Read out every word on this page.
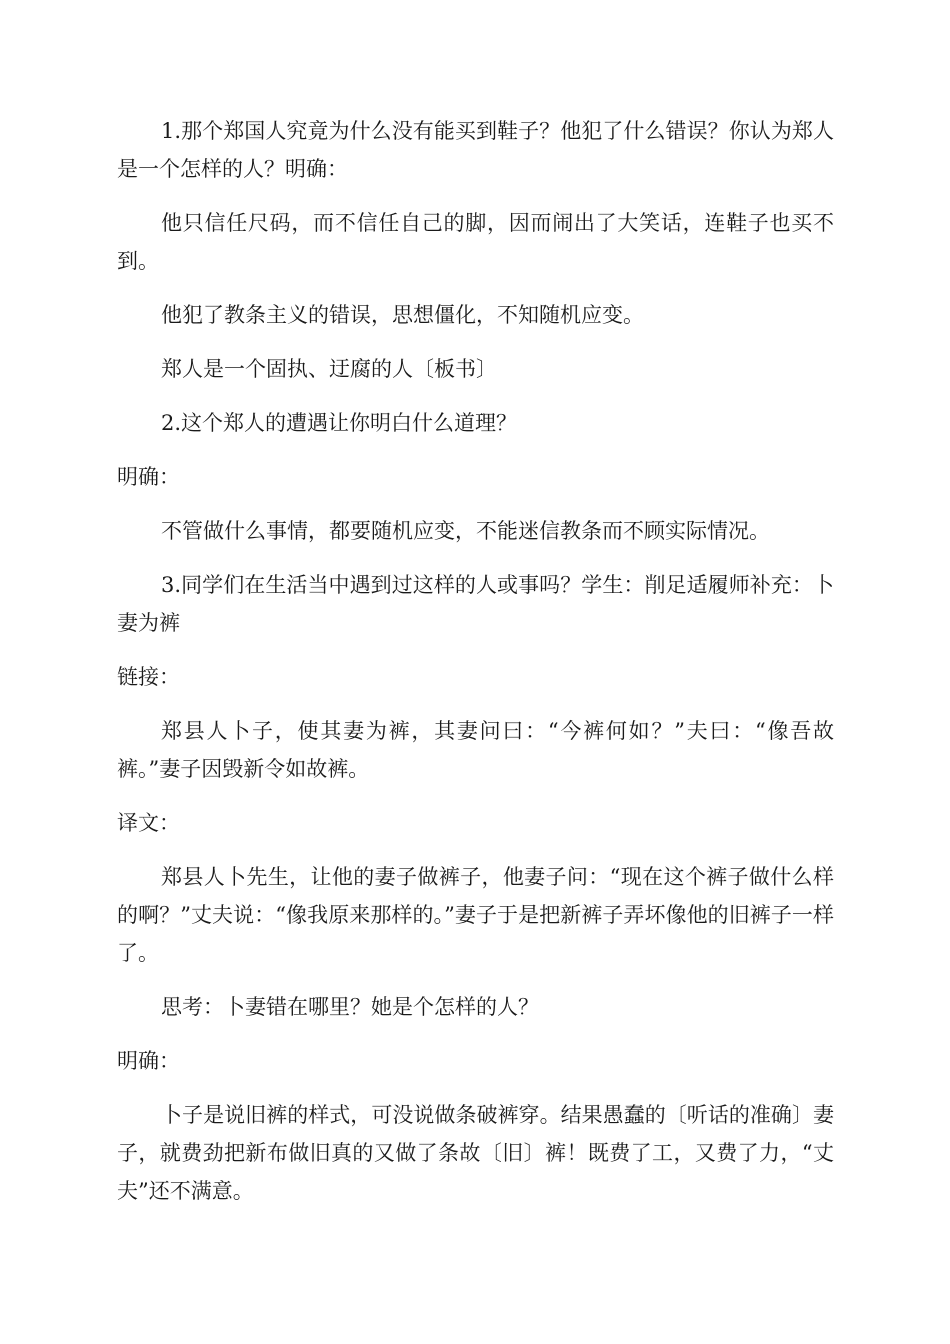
1.那个郑国人究竟为什么没有能买到鞋子？他犯了什么错误？你认为郑人是一个怎样的人？明确：

他只信任尺码，而不信任自己的脚，因而闹出了大笑话，连鞋子也买不到。

他犯了教条主义的错误，思想僵化，不知随机应变。

郑人是一个固执、迂腐的人〔板书〕

2.这个郑人的遭遇让你明白什么道理？

明确：

不管做什么事情，都要随机应变，不能迷信教条而不顾实际情况。

3.同学们在生活当中遇到过这样的人或事吗？学生：削足适履师补充：卜妻为裤

链接：

郑县人卜子，使其妻为裤，其妻问曰：“今裤何如？”夫曰：“像吾故裤。”妻子因毁新令如故裤。

译文：

郑县人卜先生，让他的妻子做裤子，他妻子问：“现在这个裤子做什么样的啊？”丈夫说：“像我原来那样的。”妻子于是把新裤子弄坏像他的旧裤子一样了。

思考：卜妻错在哪里？她是个怎样的人？

明确：

卜子是说旧裤的样式，可没说做条破裤穿。结果愚蠢的〔听话的准确〕妻子，就费劲把新布做旧真的又做了条故〔旧〕裤！既费了工，又费了力，“丈夫”还不满意。
